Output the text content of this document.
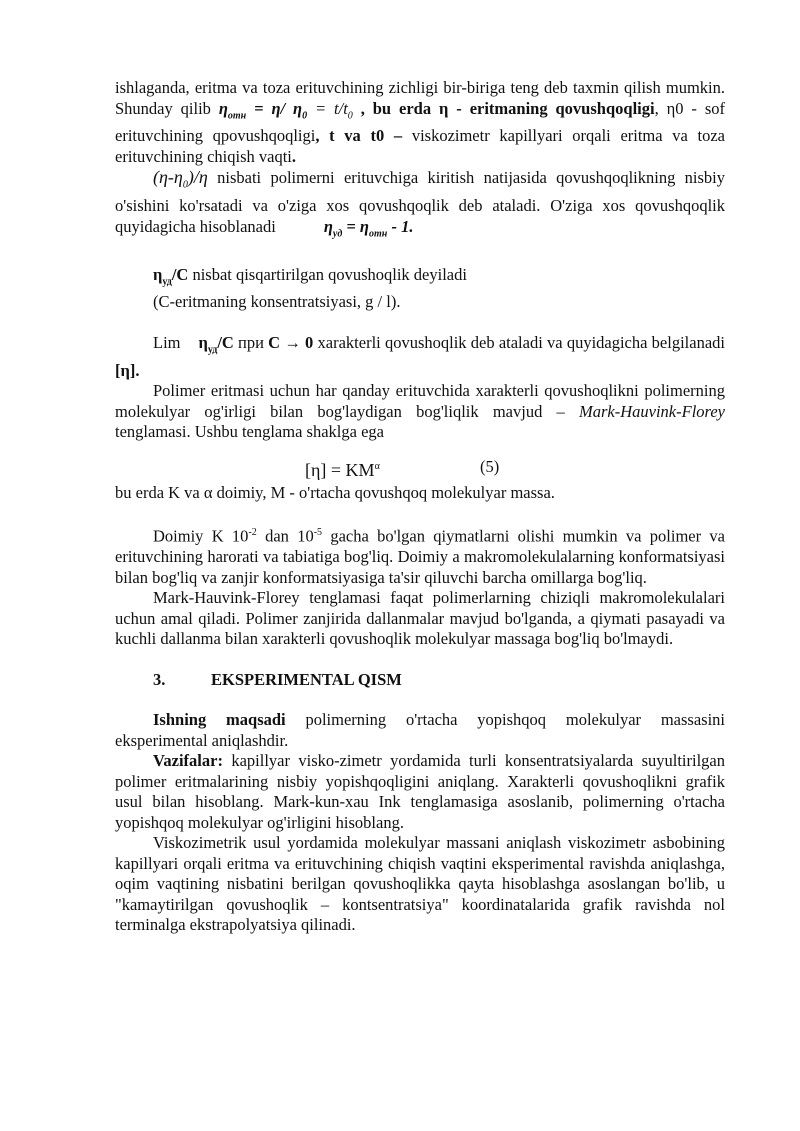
ishlaganda, eritma va toza erituvchining zichligi bir-biriga teng deb taxmin qilish mumkin. Shunday qilib $\eta_{отн} = \eta/$ $\eta_0 = t/t_0$ , bu erda η - eritmaning qovushqoqligi, η0 - sof erituvchining qpovushqoqligi, t va t0 – viskozimetr kapillyari orqali eritma va toza erituvchining chiqish vaqti.

$(\eta-\eta_0)/\eta$ nisbati polimerni erituvchiga kiritish natijasida qovushqoqlikning nisbiy o'sishini ko'rsatadi va o'ziga xos qovushqoqlik deb ataladi. O'ziga xos qovushqoqlik quyidagicha hisoblanadi	$\eta_{уд} = \eta_{отн} - 1$.

$\eta_{уд}/С$ nisbat qisqartirilgan qovushoqlik deyiladi

(C-eritmaning konsentratsiyasi, g / l).

Lim $\eta_{уд}/С$ при С → 0 xarakterli qovushoqlik deb ataladi va quyidagicha belgilanadi [η].

Polimer eritmasi uchun har qanday erituvchida xarakterli qovushoqlikni polimerning molekulyar og'irligi bilan bog'laydigan bog'liqlik mavjud – Mark-Hauvink-Florey tenglamasi. Ushbu tenglama shaklga ega

$[\eta] = KM^\alpha$	(5)

bu erda K va α doimiy, M - o'rtacha qovushqoq molekulyar massa.

Doimiy K $10^{-2}$ dan $10^{-5}$ gacha bo'lgan qiymatlarni olishi mumkin va polimer va erituvchining harorati va tabiatiga bog'liq. Doimiy a makromolekulalarning konformatsiyasi bilan bog'liq va zanjir konformatsiyasiga ta'sir qiluvchi barcha omillarga bog'liq.

Mark-Hauvink-Florey tenglamasi faqat polimerlarning chiziqli makromolekulalari uchun amal qiladi. Polimer zanjirida dallanmalar mavjud bo'lganda, a qiymati pasayadi va kuchli dallanma bilan xarakterli qovushoqlik molekulyar massaga bog'liq bo'lmaydi.

3.	EKSPERIMENTAL QISM

Ishning maqsadi polimerning o'rtacha yopishqoq molekulyar massasini eksperimental aniqlashdir.

Vazifalar: kapillyar visko-zimetr yordamida turli konsentratsiyalarda suyultirilgan polimer eritmalarining nisbiy yopishqoqligini aniqlang. Xarakterli qovushoqlikni grafik usul bilan hisoblang. Mark-kun-xau Ink tenglamasiga asoslanib, polimerning o'rtacha yopishqoq molekulyar og'irligini hisoblang.

Viskozimetrik usul yordamida molekulyar massani aniqlash viskozimetr asbobining kapillyari orqali eritma va erituvchining chiqish vaqtini eksperimental ravishda aniqlashga, oqim vaqtining nisbatini berilgan qovushoqlikka qayta hisoblashga asoslangan bo'lib, u "kamaytirilgan qovushoqlik – kontsentratsiya" koordinatalarida grafik ravishda nol terminalga ekstrapolyatsiya qilinadi.
